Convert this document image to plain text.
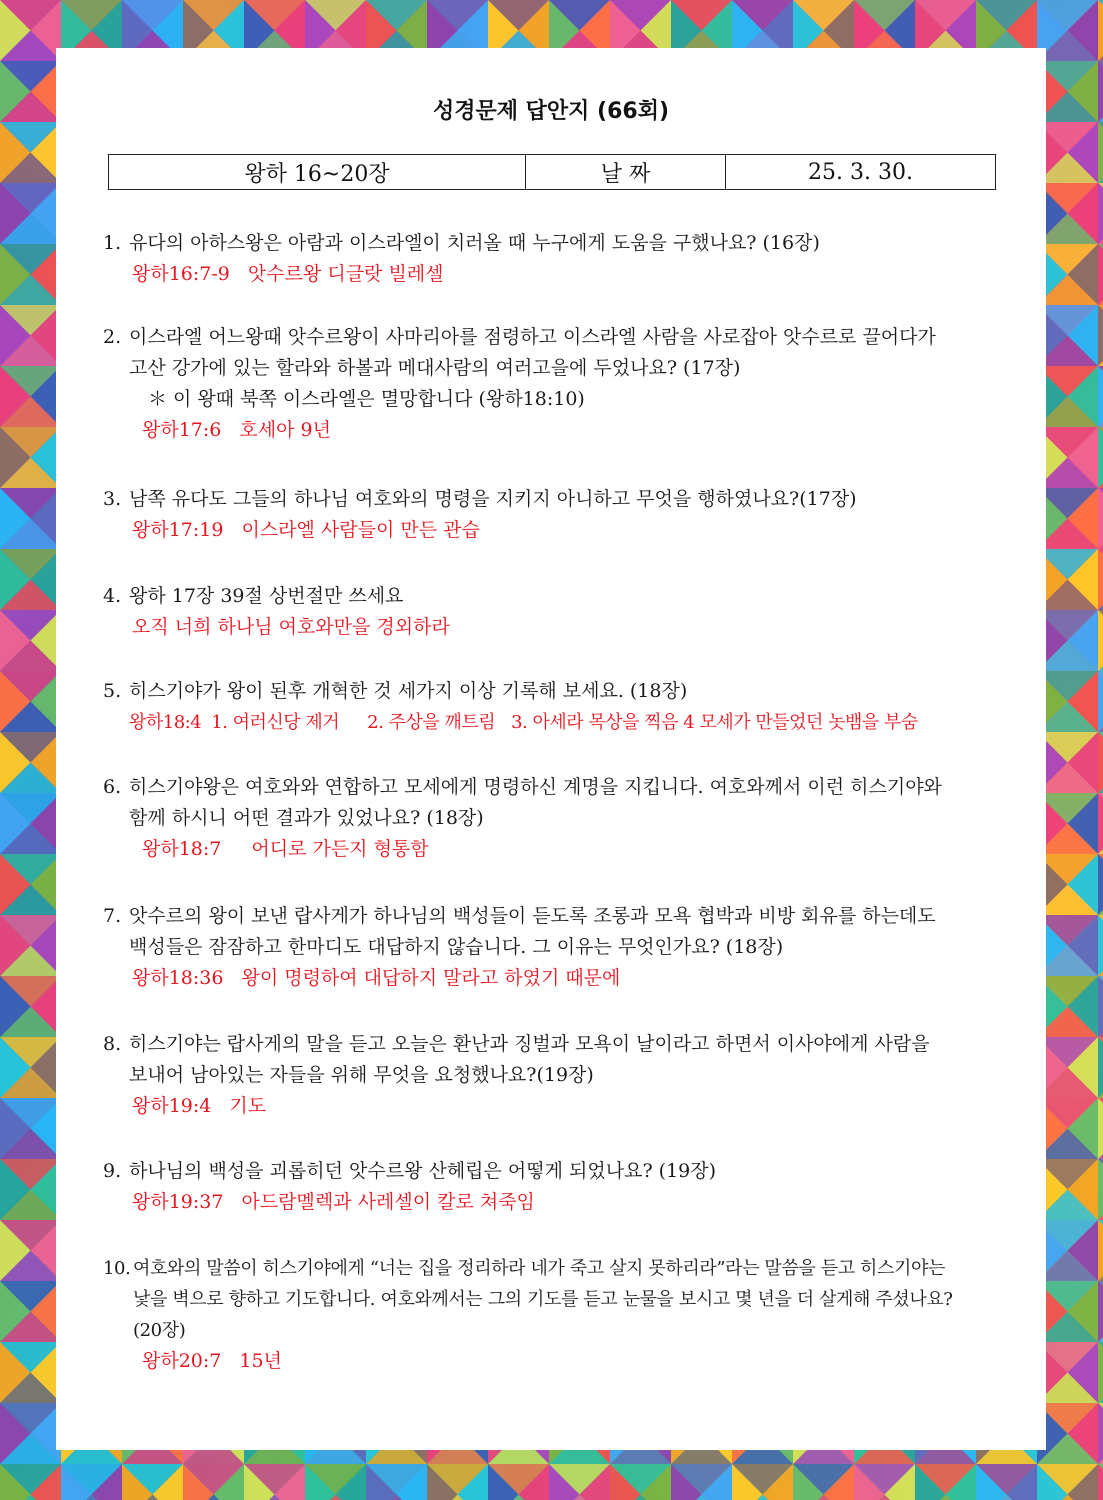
성경문제 답안지 (66회)
왕하 16~20장	날 짜	25. 3. 30.
1. 유다의 아하스왕은 아람과 이스라엘이 치러올 때 누구에게 도움을 구했나요? (16장)
왕하16:7-9 앗수르왕 디글랏 빌레셀
2. 이스라엘 어느왕때 앗수르왕이 사마리아를 점령하고 이스라엘 사람을 사로잡아 앗수르로 끌어다가
고산 강가에 있는 할라와 하볼과 메대사람의 여러고을에 두었나요? (17장)
＊ 이 왕때 북쪽 이스라엘은 멸망합니다 (왕하18:10)
왕하17:6 호세아 9년
3. 남쪽 유다도 그들의 하나님 여호와의 명령을 지키지 아니하고 무엇을 행하였나요?(17장)
왕하17:19 이스라엘 사람들이 만든 관습
4. 왕하 17장 39절 상번절만 쓰세요
오직 너희 하나님 여호와만을 경외하라
5. 히스기야가 왕이 된후 개혁한 것 세가지 이상 기록해 보세요. (18장)
왕하18:4 1. 여러신당 제거 2. 주상을 깨트림 3. 아세라 목상을 찍음 4 모세가 만들었던 놋뱀을 부숨
6. 히스기야왕은 여호와와 연합하고 모세에게 명령하신 계명을 지킵니다. 여호와께서 이런 히스기야와
함께 하시니 어떤 결과가 있었나요? (18장)
왕하18:7 어디로 가든지 형통함
7. 앗수르의 왕이 보낸 랍사게가 하나님의 백성들이 듣도록 조롱과 모욕 협박과 비방 회유를 하는데도
백성들은 잠잠하고 한마디도 대답하지 않습니다. 그 이유는 무엇인가요? (18장)
왕하18:36 왕이 명령하여 대답하지 말라고 하였기 때문에
8. 히스기야는 랍사게의 말을 듣고 오늘은 환난과 징벌과 모욕이 날이라고 하면서 이사야에게 사람을
보내어 남아있는 자들을 위해 무엇을 요청했나요?(19장)
왕하19:4 기도
9. 하나님의 백성을 괴롭히던 앗수르왕 산헤립은 어떻게 되었나요? (19장)
왕하19:37 아드람멜렉과 사레셀이 칼로 쳐죽임
10. 여호와의 말씀이 히스기야에게 “너는 집을 정리하라 네가 죽고 살지 못하리라”라는 말씀을 듣고 히스기야는
낯을 벽으로 향하고 기도합니다. 여호와께서는 그의 기도를 듣고 눈물을 보시고 몇 년을 더 살게해 주셨나요?
(20장)
왕하20:7 15년
